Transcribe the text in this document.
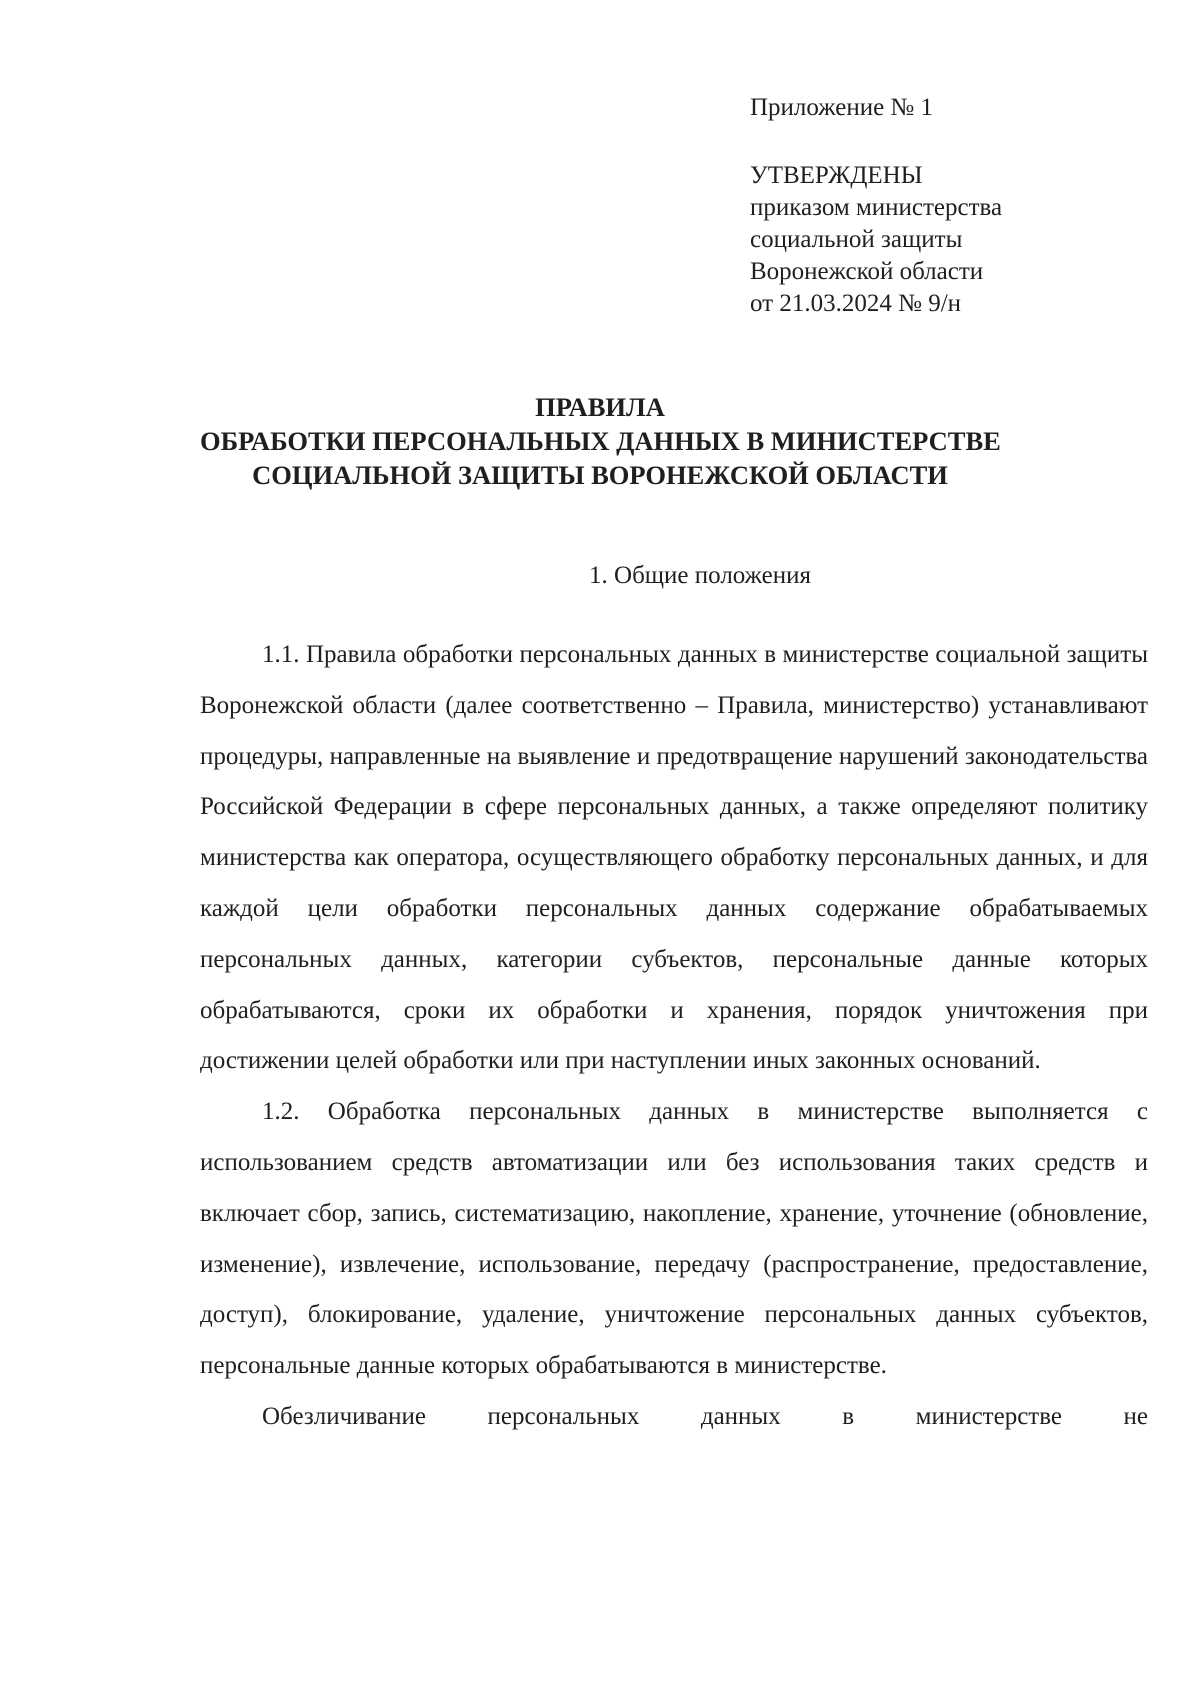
Приложение № 1
УТВЕРЖДЕНЫ
приказом министерства
социальной защиты
Воронежской области
от 21.03.2024 № 9/н
ПРАВИЛА
ОБРАБОТКИ ПЕРСОНАЛЬНЫХ ДАННЫХ В МИНИСТЕРСТВЕ
СОЦИАЛЬНОЙ ЗАЩИТЫ ВОРОНЕЖСКОЙ ОБЛАСТИ
1. Общие положения

1.1. Правила обработки персональных данных в министерстве социальной защиты Воронежской области (далее соответственно – Правила, министерство) устанавливают процедуры, направленные на выявление и предотвращение нарушений законодательства Российской Федерации в сфере персональных данных, а также определяют политику министерства как оператора, осуществляющего обработку персональных данных, и для каждой цели обработки персональных данных содержание обрабатываемых персональных данных, категории субъектов, персональные данные которых обрабатываются, сроки их обработки и хранения, порядок уничтожения при достижении целей обработки или при наступлении иных законных оснований.

1.2. Обработка персональных данных в министерстве выполняется с использованием средств автоматизации или без использования таких средств и включает сбор, запись, систематизацию, накопление, хранение, уточнение (обновление, изменение), извлечение, использование, передачу (распространение, предоставление, доступ), блокирование, удаление, уничтожение персональных данных субъектов, персональные данные которых обрабатываются в министерстве.

Обезличивание персональных данных в министерстве не
